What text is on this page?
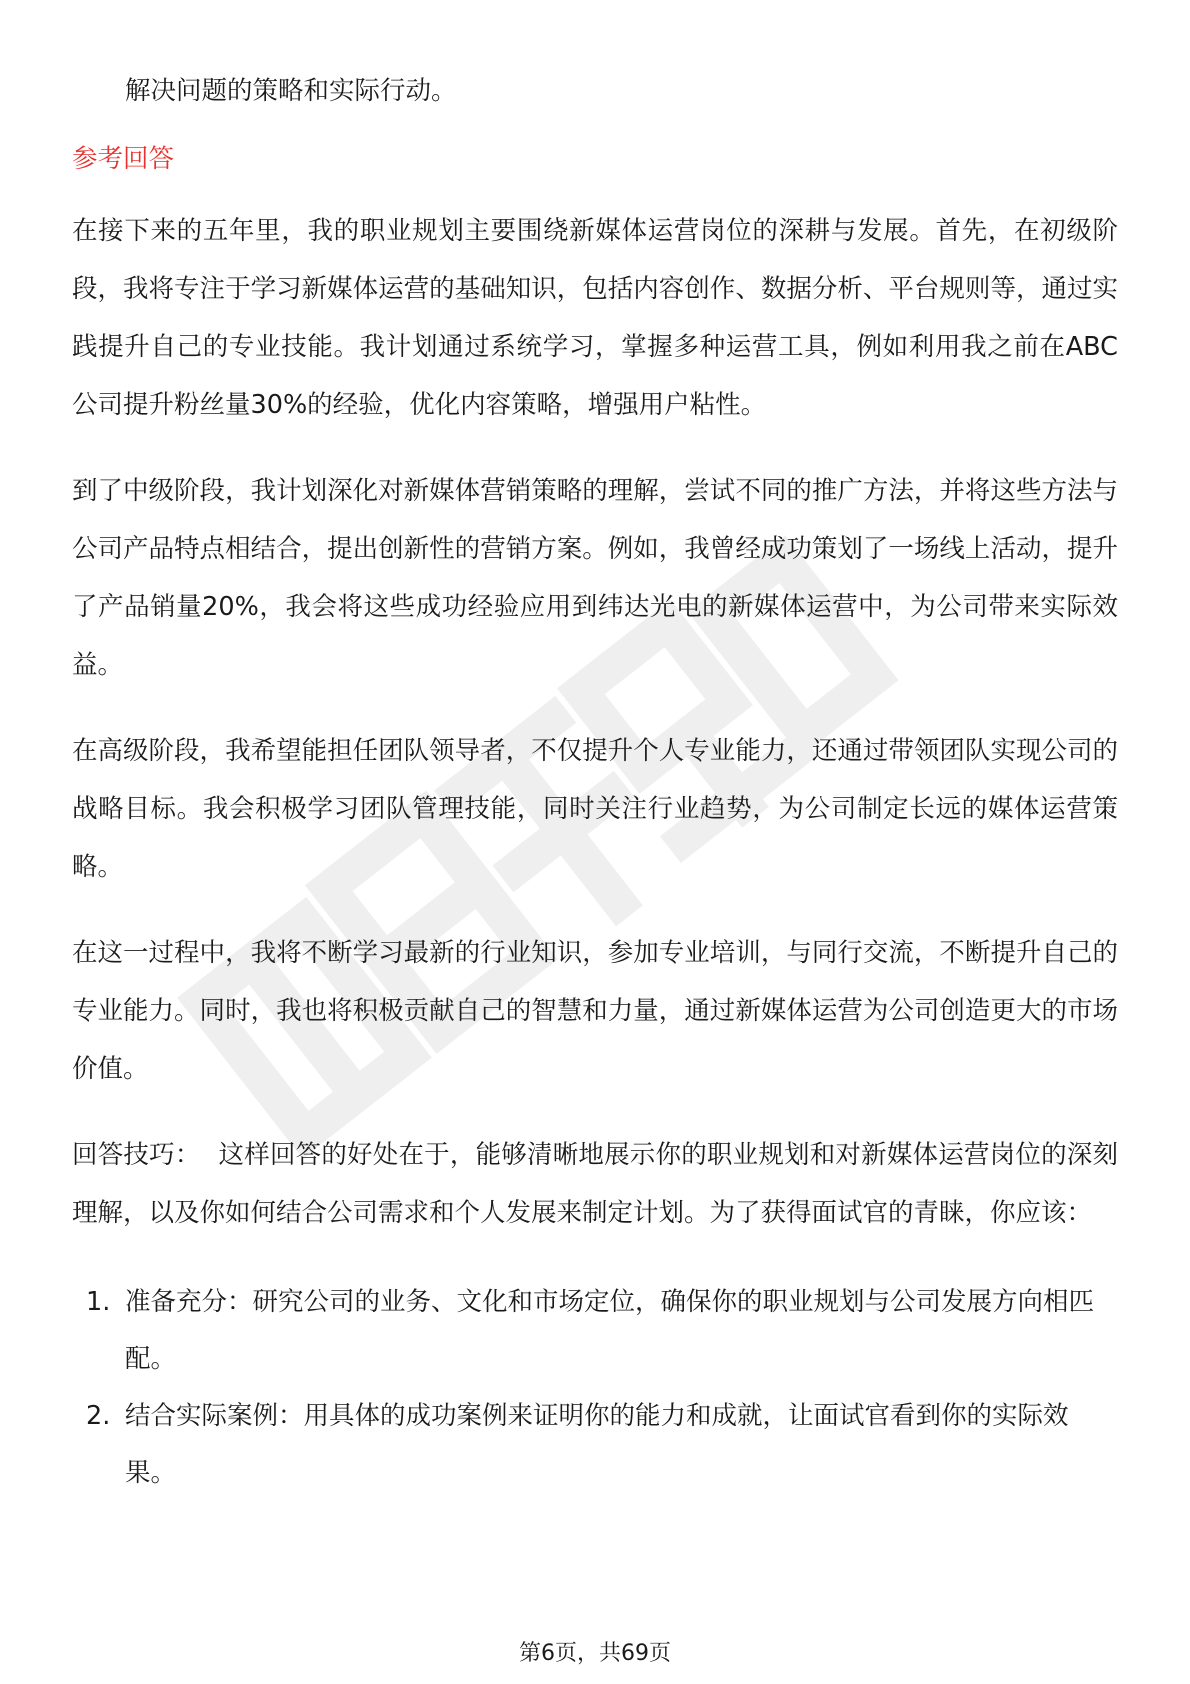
解决问题的策略和实际行动。

参考回答

在接下来的五年里，我的职业规划主要围绕新媒体运营岗位的深耕与发展。首先，在初级阶段，我将专注于学习新媒体运营的基础知识，包括内容创作、数据分析、平台规则等，通过实践提升自己的专业技能。我计划通过系统学习，掌握多种运营工具，例如利用我之前在ABC公司提升粉丝量30%的经验，优化内容策略，增强用户粘性。

到了中级阶段，我计划深化对新媒体营销策略的理解，尝试不同的推广方法，并将这些方法与公司产品特点相结合，提出创新性的营销方案。例如，我曾经成功策划了一场线上活动，提升了产品销量20%，我会将这些成功经验应用到纬达光电的新媒体运营中，为公司带来实际效益。

在高级阶段，我希望能担任团队领导者，不仅提升个人专业能力，还通过带领团队实现公司的战略目标。我会积极学习团队管理技能，同时关注行业趋势，为公司制定长远的媒体运营策略。

在这一过程中，我将不断学习最新的行业知识，参加专业培训，与同行交流，不断提升自己的专业能力。同时，我也将积极贡献自己的智慧和力量，通过新媒体运营为公司创造更大的市场价值。

回答技巧： 这样回答的好处在于，能够清晰地展示你的职业规划和对新媒体运营岗位的深刻理解，以及你如何结合公司需求和个人发展来制定计划。为了获得面试官的青睐，你应该：

1. 准备充分：研究公司的业务、文化和市场定位，确保你的职业规划与公司发展方向相匹配。
2. 结合实际案例：用具体的成功案例来证明你的能力和成就，让面试官看到你的实际效果。
第6页，共69页
